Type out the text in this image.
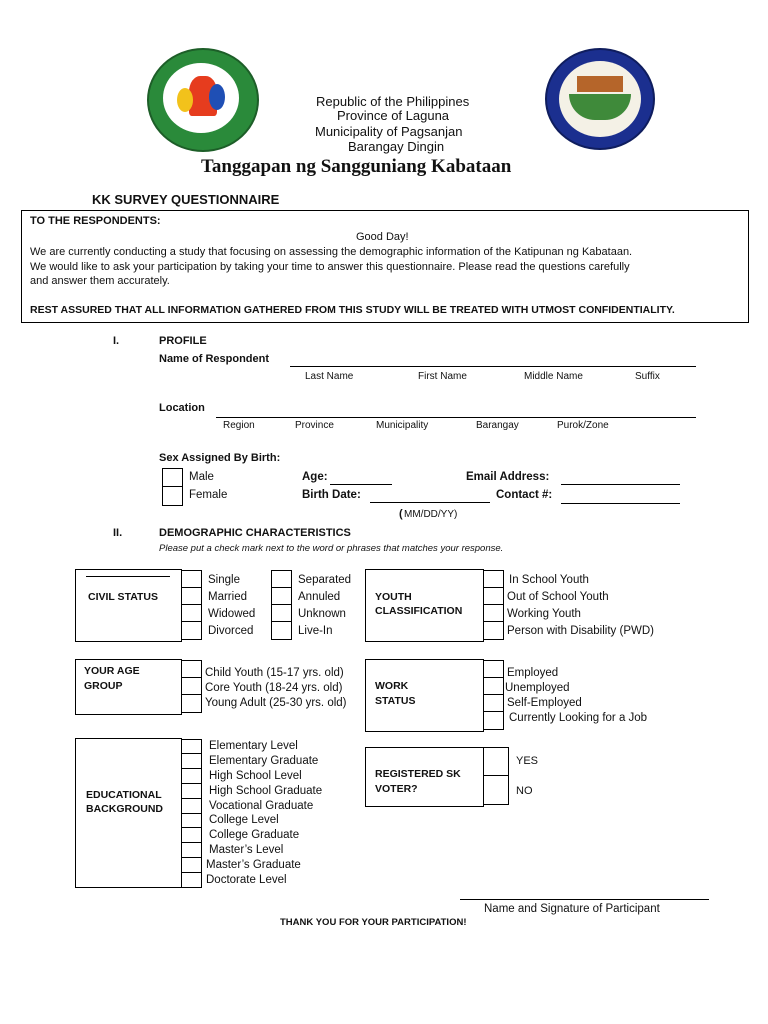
Republic of the Philippines
Province of Laguna
Municipality of Pagsanjan
Barangay Dingin
Tanggapan ng Sangguniang Kabataan
KK SURVEY QUESTIONNAIRE
TO THE RESPONDENTS:
Good Day!
We are currently conducting a study that focusing on assessing the demographic information of the Katipunan ng Kabataan.
We would like to ask your participation by taking your time to answer this questionnaire. Please read the questions carefully
and answer them accurately.
REST ASSURED THAT ALL INFORMATION GATHERED FROM THIS STUDY WILL BE TREATED WITH UTMOST CONFIDENTIALITY.
I.	PROFILE
Name of Respondent
Last Name	First Name	Middle Name	Suffix
Location
Region	Province	Municipality	Barangay	Purok/Zone
Sex Assigned By Birth:
Male
Female
Age:
Birth Date:
( MM/DD/YY)
Email Address:
Contact #:
II.	DEMOGRAPHIC CHARACTERISTICS
Please put a check mark next to the word or phrases that matches your response.
CIVIL STATUS
Single
Married
Widowed
Divorced
Separated
Annuled
Unknown
Live-In
YOUTH
CLASSIFICATION
In School Youth
Out of School Youth
Working Youth
Person with Disability (PWD)
YOUR AGE
GROUP
Child Youth (15-17 yrs. old)
Core Youth (18-24 yrs. old)
Young Adult (25-30 yrs. old)
WORK
STATUS
Employed
Unemployed
Self-Employed
Currently Looking for a Job
EDUCATIONAL
BACKGROUND
Elementary Level
Elementary Graduate
High School Level
High School Graduate
Vocational Graduate
College Level
College Graduate
Master’s Level
Master’s Graduate
Doctorate Level
REGISTERED SK
VOTER?
YES
NO
Name and Signature of Participant
THANK YOU FOR YOUR PARTICIPATION!
